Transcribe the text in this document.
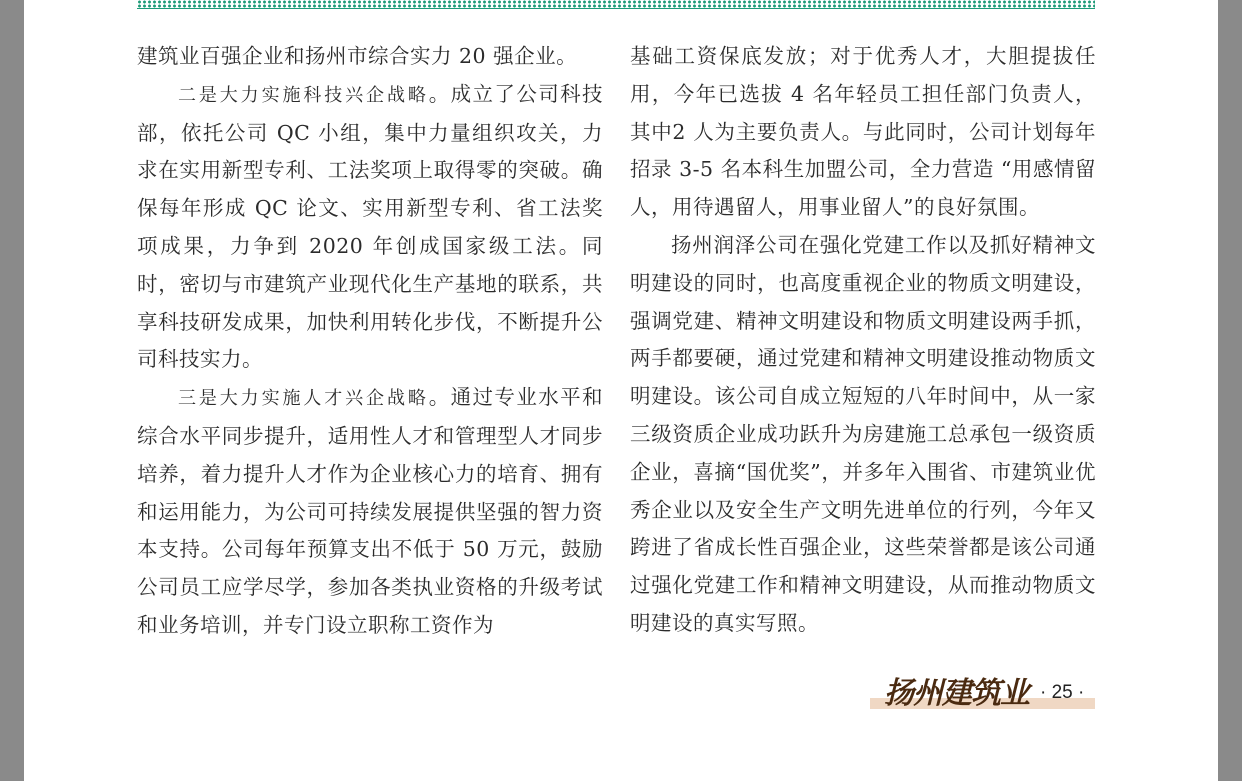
建筑业百强企业和扬州市综合实力 20 强企业。

二是大力实施科技兴企战略。成立了公司科技部，依托公司 QC 小组，集中力量组织攻关，力求在实用新型专利、工法奖项上取得零的突破。确保每年形成 QC 论文、实用新型专利、省工法奖项成果，力争到 2020 年创成国家级工法。同时，密切与市建筑产业现代化生产基地的联系，共享科技研发成果，加快利用转化步伐，不断提升公司科技实力。

三是大力实施人才兴企战略。通过专业水平和综合水平同步提升，适用性人才和管理型人才同步培养，着力提升人才作为企业核心力的培育、拥有和运用能力，为公司可持续发展提供坚强的智力资本支持。公司每年预算支出不低于 50 万元，鼓励公司员工应学尽学，参加各类执业资格的升级考试和业务培训，并专门设立职称工资作为

基础工资保底发放；对于优秀人才，大胆提拔任用，今年已选拔 4 名年轻员工担任部门负责人，其中2 人为主要负责人。与此同时，公司计划每年招录 3-5 名本科生加盟公司，全力营造 “用感情留人，用待遇留人，用事业留人”的良好氛围。

扬州润泽公司在强化党建工作以及抓好精神文明建设的同时，也高度重视企业的物质文明建设，强调党建、精神文明建设和物质文明建设两手抓，两手都要硬，通过党建和精神文明建设推动物质文明建设。该公司自成立短短的八年时间中，从一家三级资质企业成功跃升为房建施工总承包一级资质企业，喜摘“国优奖”，并多年入围省、市建筑业优秀企业以及安全生产文明先进单位的行列，今年又跨进了省成长性百强企业，这些荣誉都是该公司通过强化党建工作和精神文明建设，从而推动物质文明建设的真实写照。

扬州建筑业 · 25 ·
